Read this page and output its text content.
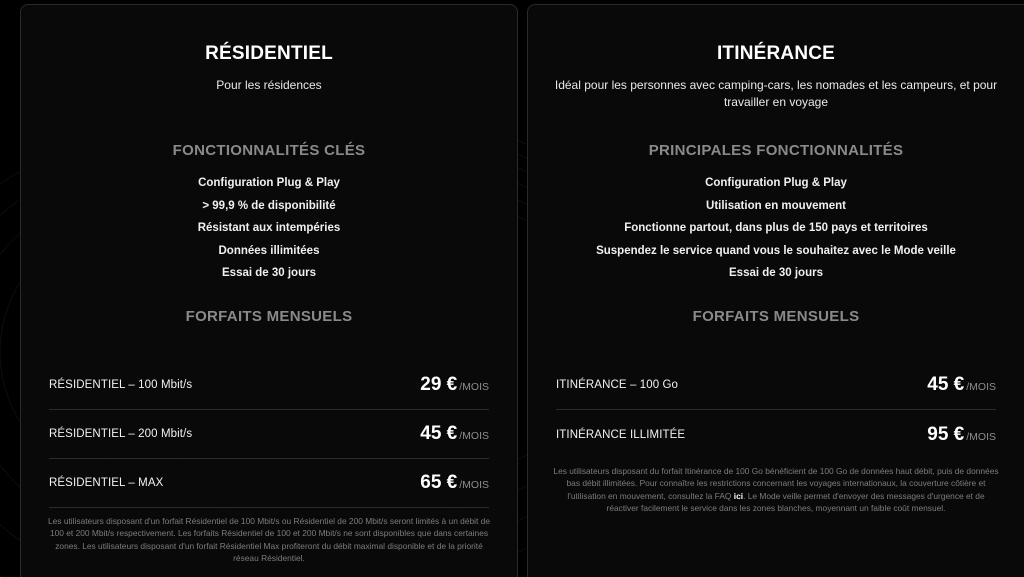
RÉSIDENTIEL

Pour les résidences

FONCTIONNALITÉS CLÉS
Configuration Plug & Play
> 99,9 % de disponibilité
Résistant aux intempéries
Données illimitées
Essai de 30 jours
FORFAITS MENSUELS
RÉSIDENTIEL – 100 Mbit/s	29 € /MOIS
RÉSIDENTIEL – 200 Mbit/s	45 € /MOIS
RÉSIDENTIEL – MAX	65 € /MOIS

Les utilisateurs disposant d'un forfait Résidentiel de 100 Mbit/s ou Résidentiel de 200 Mbit/s seront limités à un débit de 100 et 200 Mbit/s respectivement. Les forfaits Résidentiel de 100 et 200 Mbit/s ne sont disponibles que dans certaines zones. Les utilisateurs disposant d'un forfait Résidentiel Max profiteront du débit maximal disponible et de la priorité réseau Résidentiel.

ITINÉRANCE

Idéal pour les personnes avec camping-cars, les nomades et les campeurs, et pour travailler en voyage

PRINCIPALES FONCTIONNALITÉS
Configuration Plug & Play
Utilisation en mouvement
Fonctionne partout, dans plus de 150 pays et territoires
Suspendez le service quand vous le souhaitez avec le Mode veille
Essai de 30 jours
FORFAITS MENSUELS
ITINÉRANCE – 100 Go	45 € /MOIS
ITINÉRANCE ILLIMITÉE	95 € /MOIS

Les utilisateurs disposant du forfait Itinérance de 100 Go bénéficient de 100 Go de données haut débit, puis de données bas débit illimitées. Pour connaître les restrictions concernant les voyages internationaux, la couverture côtière et l'utilisation en mouvement, consultez la FAQ ici. Le Mode veille permet d'envoyer des messages d'urgence et de réactiver facilement le service dans les zones blanches, moyennant un faible coût mensuel.
